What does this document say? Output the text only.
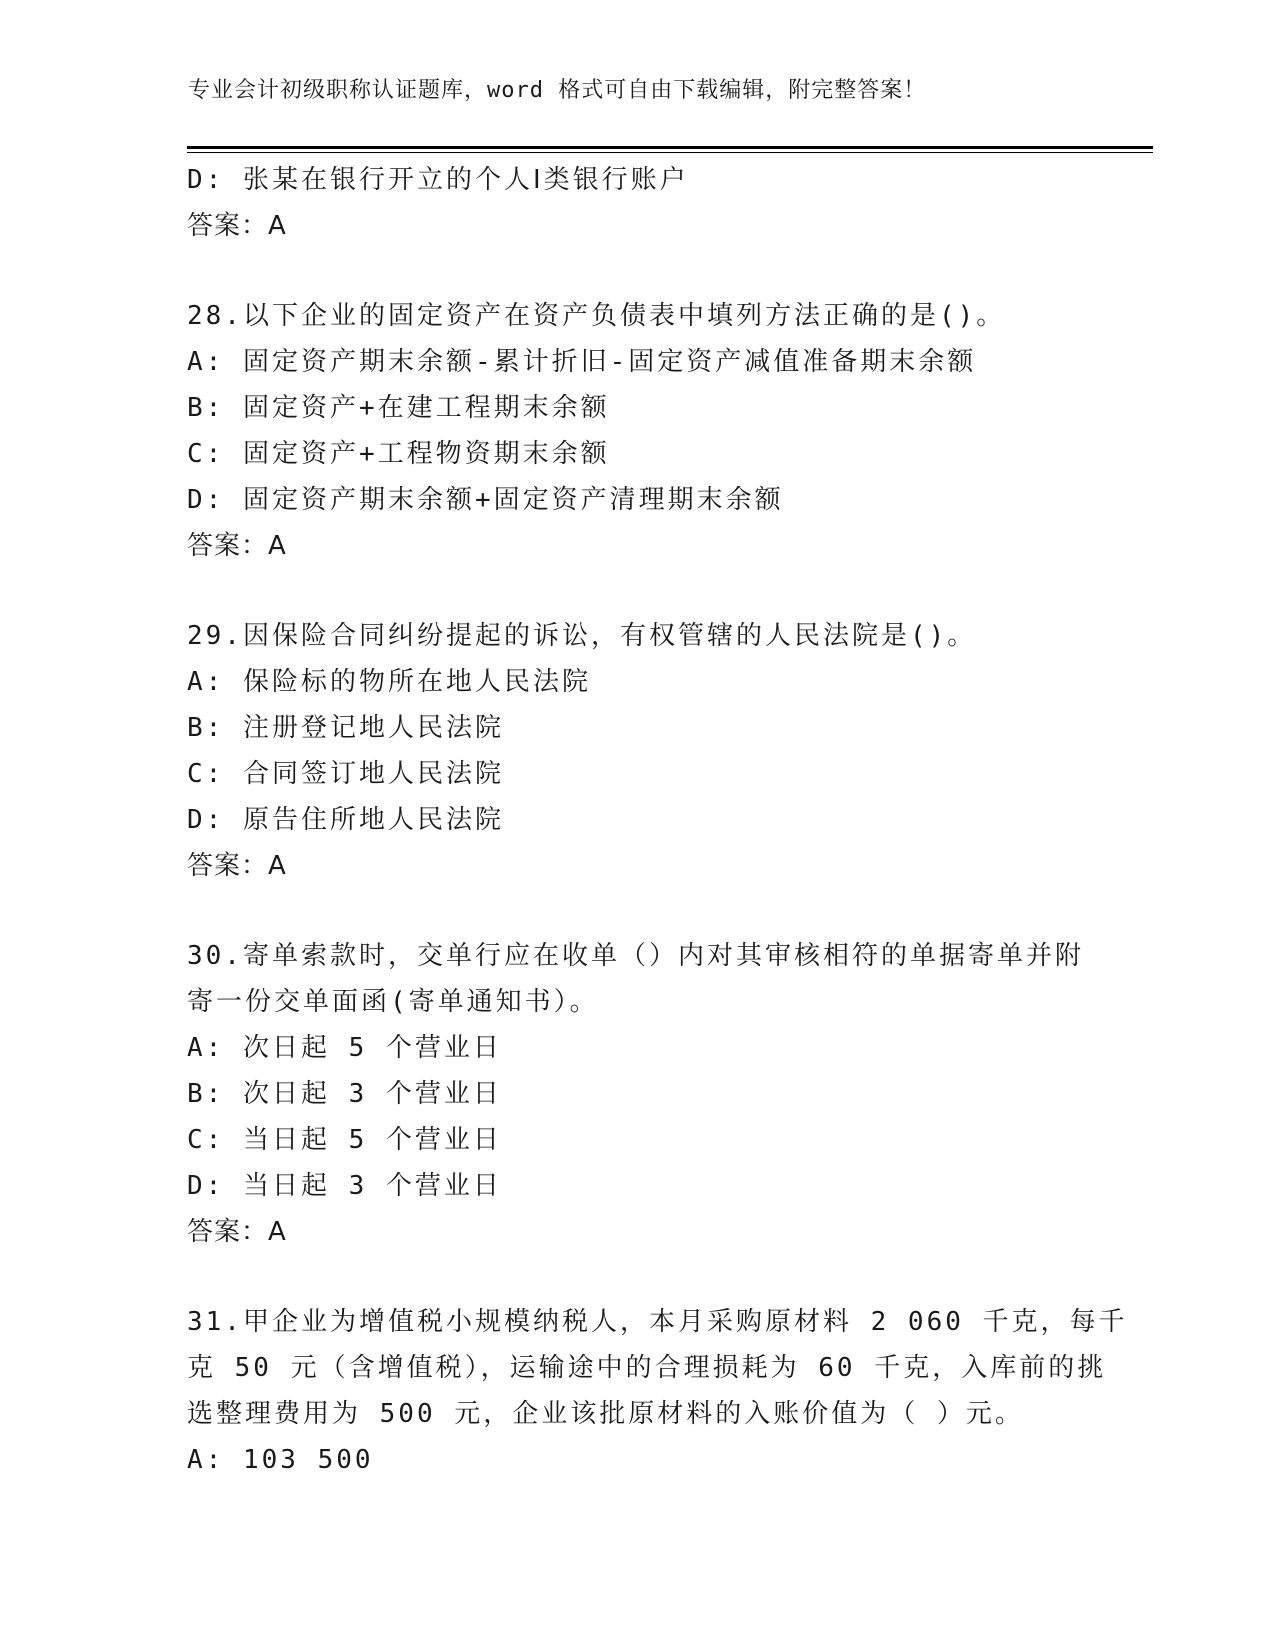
专业会计初级职称认证题库，word 格式可自由下载编辑，附完整答案！
D: 张某在银行开立的个人Ⅰ类银行账户
答案：A
28.以下企业的固定资产在资产负债表中填列方法正确的是()。
A: 固定资产期末余额-累计折旧-固定资产减值准备期末余额
B: 固定资产+在建工程期末余额
C: 固定资产+工程物资期末余额
D: 固定资产期末余额+固定资产清理期末余额
答案：A
29.因保险合同纠纷提起的诉讼，有权管辖的人民法院是()。
A: 保险标的物所在地人民法院
B: 注册登记地人民法院
C: 合同签订地人民法院
D: 原告住所地人民法院
答案：A
30.寄单索款时，交单行应在收单（）内对其审核相符的单据寄单并附
寄一份交单面函(寄单通知书）。
A: 次日起 5 个营业日
B: 次日起 3 个营业日
C: 当日起 5 个营业日
D: 当日起 3 个营业日
答案：A
31.甲企业为增值税小规模纳税人，本月采购原材料 2 060 千克，每千
克 50 元（含增值税），运输途中的合理损耗为 60 千克，入库前的挑
选整理费用为 500 元，企业该批原材料的入账价值为（ ）元。
A: 103 500
